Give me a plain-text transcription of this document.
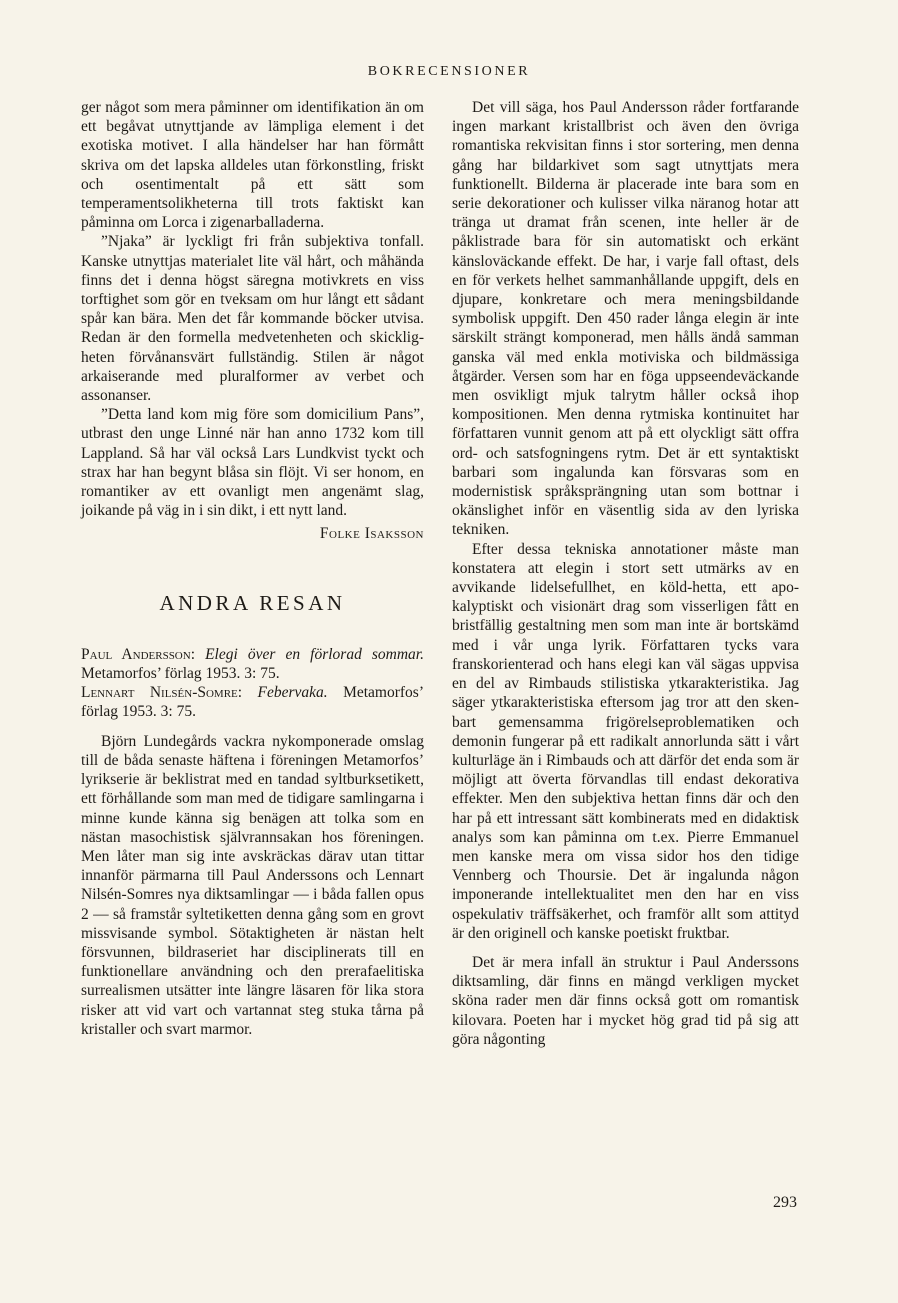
BOKRECENSIONER

ger något som mera påminner om identifikation än om ett begåvat utnyttjande av lämpliga element i det exotiska motivet. I alla händelser har han förmått skriva om det lapska alldeles utan förkonstling, friskt och osentimentalt på ett sätt som temperamentsolikheterna till trots faktiskt kan påminna om Lorca i zigenarballaderna.

”Njaka” är lyckligt fri från subjektiva tonfall. Kanske utnyttjas materialet lite väl hårt, och måhända finns det i denna högst säregna motivkrets en viss torftighet som gör en tveksam om hur långt ett sådant spår kan bära. Men det får kommande böcker utvisa. Redan är den formella medvetenheten och skickligheten förvånansvärt fullständig. Stilen är något arkaiserande med pluralformer av verbet och assonanser.

”Detta land kom mig före som domicilium Pans”, utbrast den unge Linné när han anno 1732 kom till Lappland. Så har väl också Lars Lundkvist tyckt och strax har han begynt blåsa sin flöjt. Vi ser honom, en romantiker av ett ovanligt men angenämt slag, joikande på väg in i sin dikt, i ett nytt land.

Folke Isaksson
ANDRA RESAN

Paul Andersson: Elegi över en förlorad sommar. Metamorfos’ förlag 1953. 3: 75.

Lennart Nilsén-Somre: Febervaka. Metamorfos’ förlag 1953. 3: 75.

Björn Lundegårds vackra nykomponerade omslag till de båda senaste häftena i föreningen Metamorfos’ lyrikserie är beklistrat med en tandad syltburksetikett, ett förhållande som man med de tidigare samlingarna i minne kunde känna sig benägen att tolka som en nästan masochistisk självrannsakan hos föreningen. Men låter man sig inte avskräckas därav utan tittar innanför pärmarna till Paul Anderssons och Lennart Nilsén-Somres nya diktsamlingar — i båda fallen opus 2 — så framstår syltetiketten denna gång som en grovt missvisande symbol. Sötaktigheten är nästan helt försvunnen, bildraseriet har disciplinerats till en funktionellare användning och den prerafaelitiska surrealismen utsätter inte längre läsaren för lika stora risker att vid vart och vartannat steg stuka tårna på kristaller och svart marmor.

Det vill säga, hos Paul Andersson råder fortfarande ingen markant kristallbrist och även den övriga romantiska rekvisitan finns i stor sortering, men denna gång har bildarkivet som sagt utnyttjats mera funktionellt. Bilderna är placerade inte bara som en serie dekorationer och kulisser vilka näranog hotar att tränga ut dramat från scenen, inte heller är de påklistrade bara för sin automatiskt och erkänt känsloväckande effekt. De har, i varje fall oftast, dels en för verkets helhet sammanhållande uppgift, dels en djupare, konkretare och mera meningsbildande symbolisk uppgift. Den 450 rader långa elegin är inte särskilt strängt komponerad, men hålls ändå samman ganska väl med enkla motiviska och bildmässiga åtgärder. Versen som har en föga uppseendeväckande men osvikligt mjuk talrytm håller också ihop kompositionen. Men denna rytmiska kontinuitet har författaren vunnit genom att på ett olyckligt sätt offra ord- och satsfogningens rytm. Det är ett syntaktiskt barbari som ingalunda kan försvaras som en modernistisk språksprängning utan som bottnar i okänslighet inför en väsentlig sida av den lyriska tekniken.

Efter dessa tekniska annotationer måste man konstatera att elegin i stort sett utmärks av en avvikande lidelsefullhet, en köld-hetta, ett apokalyptiskt och visionärt drag som visserligen fått en bristfällig gestaltning men som man inte är bortskämd med i vår unga lyrik. Författaren tycks vara franskorienterad och hans elegi kan väl sägas uppvisa en del av Rimbauds stilistiska ytkarakteristika. Jag säger ytkarakteristiska eftersom jag tror att den skenbart gemensamma frigörelseproblematiken och demonin fungerar på ett radikalt annorlunda sätt i vårt kulturläge än i Rimbauds och att därför det enda som är möjligt att överta förvandlas till endast dekorativa effekter. Men den subjektiva hettan finns där och den har på ett intressant sätt kombinerats med en didaktisk analys som kan påminna om t.ex. Pierre Emmanuel men kanske mera om vissa sidor hos den tidige Vennberg och Thoursie. Det är ingalunda någon imponerande intellektualitet men den har en viss ospekulativ träffsäkerhet, och framför allt som attityd är den originell och kanske poetiskt fruktbar.

Det är mera infall än struktur i Paul Anderssons diktsamling, där finns en mängd verkligen mycket sköna rader men där finns också gott om romantisk kilovara. Poeten har i mycket hög grad tid på sig att göra någonting

293
